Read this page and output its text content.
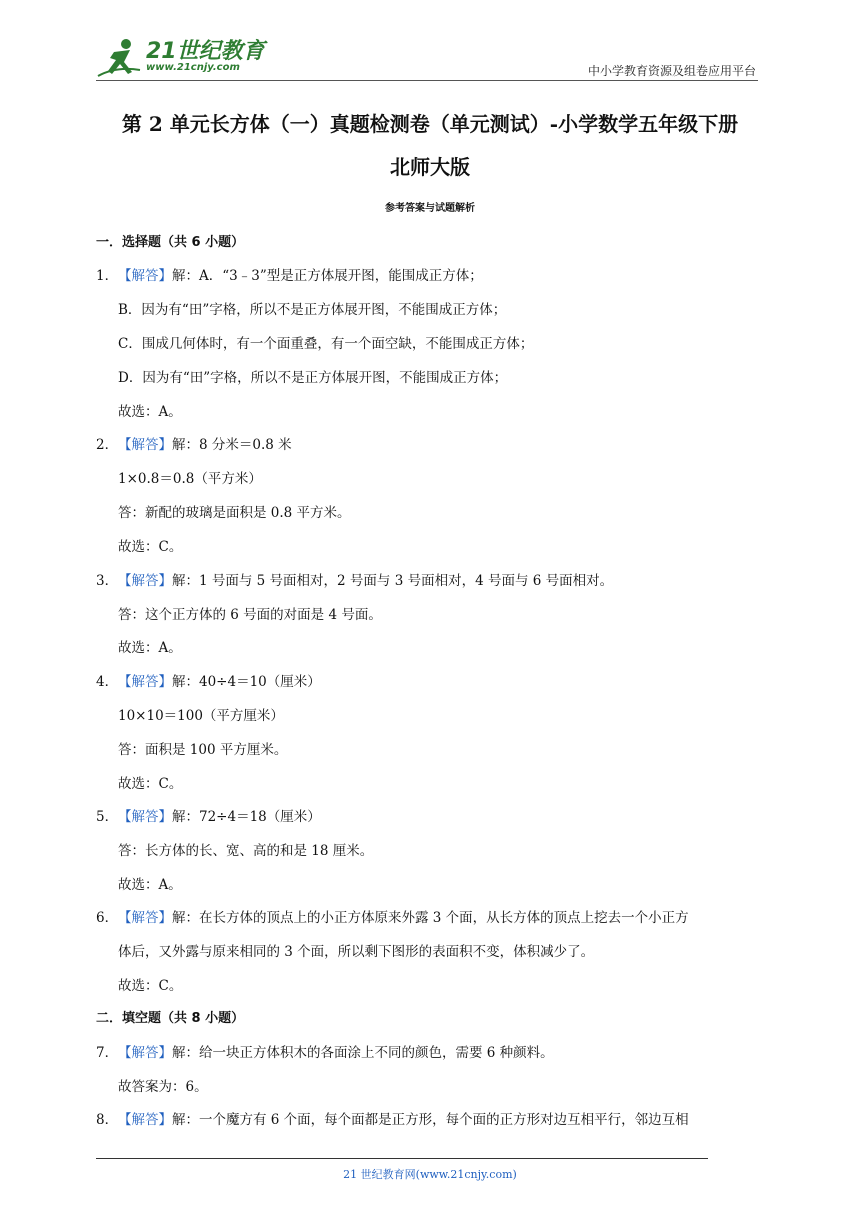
21世纪教育
www.21cnjy.com	中小学教育资源及组卷应用平台
第 2 单元长方体（一）真题检测卷（单元测试）-小学数学五年级下册
北师大版
参考答案与试题解析
一．选择题（共 6 小题）
1．【解答】解：A．“3﹣3”型是正方体展开图，能围成正方体；
B．因为有“田”字格，所以不是正方体展开图，不能围成正方体；
C．围成几何体时，有一个面重叠，有一个面空缺，不能围成正方体；
D．因为有“田”字格，所以不是正方体展开图，不能围成正方体；
故选：A。
2．【解答】解：8 分米＝0.8 米
1×0.8＝0.8（平方米）
答：新配的玻璃是面积是 0.8 平方米。
故选：C。
3．【解答】解：1 号面与 5 号面相对，2 号面与 3 号面相对，4 号面与 6 号面相对。
答：这个正方体的 6 号面的对面是 4 号面。
故选：A。
4．【解答】解：40÷4＝10（厘米）
10×10＝100（平方厘米）
答：面积是 100 平方厘米。
故选：C。
5．【解答】解：72÷4＝18（厘米）
答：长方体的长、宽、高的和是 18 厘米。
故选：A。
6．【解答】解：在长方体的顶点上的小正方体原来外露 3 个面，从长方体的顶点上挖去一个小正方
体后，又外露与原来相同的 3 个面，所以剩下图形的表面积不变，体积减少了。
故选：C。
二．填空题（共 8 小题）
7．【解答】解：给一块正方体积木的各面涂上不同的颜色，需要 6 种颜料。
故答案为：6。
8．【解答】解：一个魔方有 6 个面，每个面都是正方形，每个面的正方形对边互相平行，邻边互相
21 世纪教育网(www.21cnjy.com)
